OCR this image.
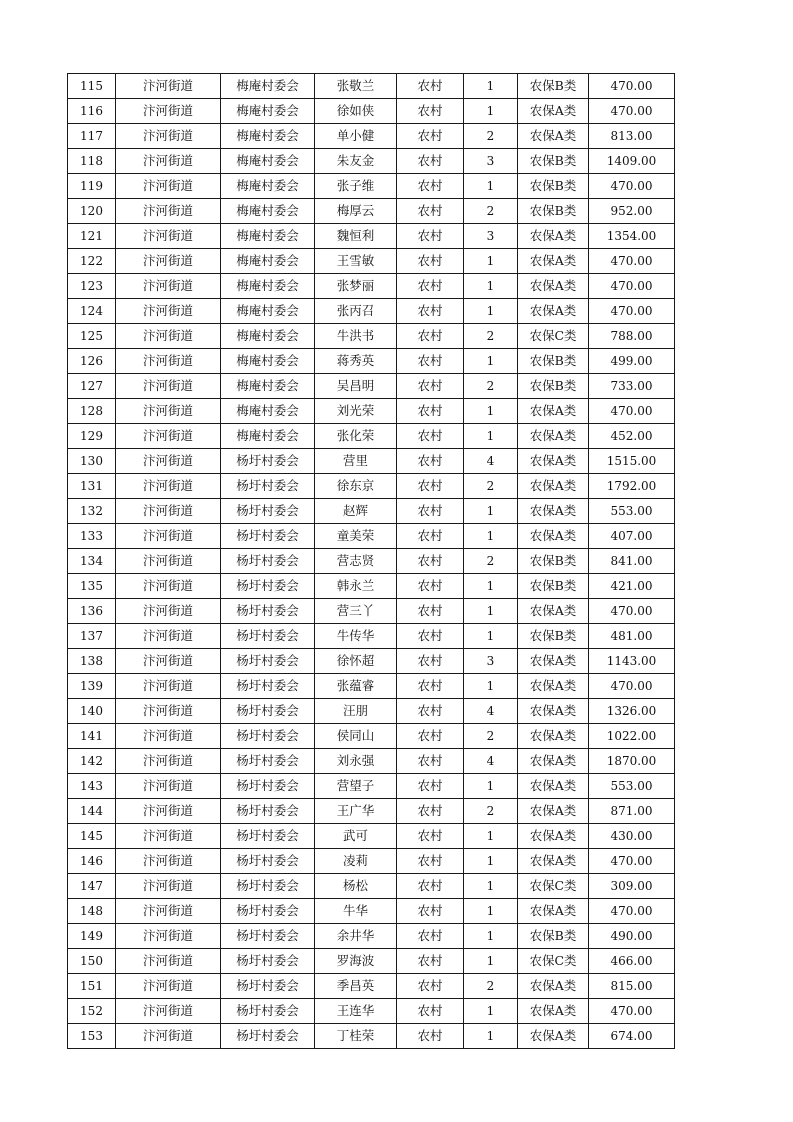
115	汴河街道	梅庵村委会	张敬兰	农村	1	农保B类	470.00
116	汴河街道	梅庵村委会	徐如侠	农村	1	农保A类	470.00
117	汴河街道	梅庵村委会	单小健	农村	2	农保A类	813.00
118	汴河街道	梅庵村委会	朱友金	农村	3	农保B类	1409.00
119	汴河街道	梅庵村委会	张子维	农村	1	农保B类	470.00
120	汴河街道	梅庵村委会	梅厚云	农村	2	农保B类	952.00
121	汴河街道	梅庵村委会	魏恒利	农村	3	农保A类	1354.00
122	汴河街道	梅庵村委会	王雪敏	农村	1	农保A类	470.00
123	汴河街道	梅庵村委会	张梦丽	农村	1	农保A类	470.00
124	汴河街道	梅庵村委会	张丙召	农村	1	农保A类	470.00
125	汴河街道	梅庵村委会	牛洪书	农村	2	农保C类	788.00
126	汴河街道	梅庵村委会	蒋秀英	农村	1	农保B类	499.00
127	汴河街道	梅庵村委会	吴昌明	农村	2	农保B类	733.00
128	汴河街道	梅庵村委会	刘光荣	农村	1	农保A类	470.00
129	汴河街道	梅庵村委会	张化荣	农村	1	农保A类	452.00
130	汴河街道	杨圩村委会	营里	农村	4	农保A类	1515.00
131	汴河街道	杨圩村委会	徐东京	农村	2	农保A类	1792.00
132	汴河街道	杨圩村委会	赵辉	农村	1	农保A类	553.00
133	汴河街道	杨圩村委会	童美荣	农村	1	农保A类	407.00
134	汴河街道	杨圩村委会	营志贤	农村	2	农保B类	841.00
135	汴河街道	杨圩村委会	韩永兰	农村	1	农保B类	421.00
136	汴河街道	杨圩村委会	营三丫	农村	1	农保A类	470.00
137	汴河街道	杨圩村委会	牛传华	农村	1	农保B类	481.00
138	汴河街道	杨圩村委会	徐怀超	农村	3	农保A类	1143.00
139	汴河街道	杨圩村委会	张蕴睿	农村	1	农保A类	470.00
140	汴河街道	杨圩村委会	汪朋	农村	4	农保A类	1326.00
141	汴河街道	杨圩村委会	侯同山	农村	2	农保A类	1022.00
142	汴河街道	杨圩村委会	刘永强	农村	4	农保A类	1870.00
143	汴河街道	杨圩村委会	营望子	农村	1	农保A类	553.00
144	汴河街道	杨圩村委会	王广华	农村	2	农保A类	871.00
145	汴河街道	杨圩村委会	武可	农村	1	农保A类	430.00
146	汴河街道	杨圩村委会	凌莉	农村	1	农保A类	470.00
147	汴河街道	杨圩村委会	杨松	农村	1	农保C类	309.00
148	汴河街道	杨圩村委会	牛华	农村	1	农保A类	470.00
149	汴河街道	杨圩村委会	余井华	农村	1	农保B类	490.00
150	汴河街道	杨圩村委会	罗海波	农村	1	农保C类	466.00
151	汴河街道	杨圩村委会	季昌英	农村	2	农保A类	815.00
152	汴河街道	杨圩村委会	王连华	农村	1	农保A类	470.00
153	汴河街道	杨圩村委会	丁桂荣	农村	1	农保A类	674.00
